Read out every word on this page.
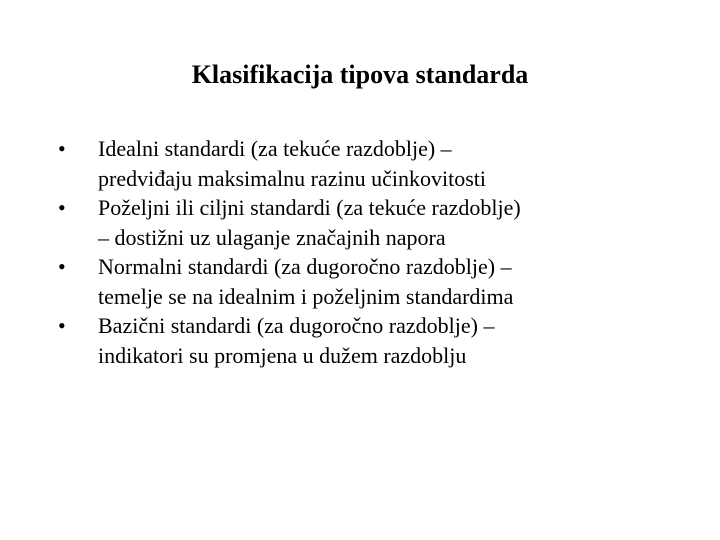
Klasifikacija tipova standarda
•	Idealni standardi (za tekuće razdoblje) –
predviđaju maksimalnu razinu učinkovitosti
•	Poželjni ili ciljni standardi (za tekuće razdoblje)
– dostižni uz ulaganje značajnih napora
•	Normalni standardi (za dugoročno razdoblje) –
temelje se na idealnim i poželjnim standardima
•	Bazični standardi (za dugoročno razdoblje) –
indikatori su promjena u dužem razdoblju
